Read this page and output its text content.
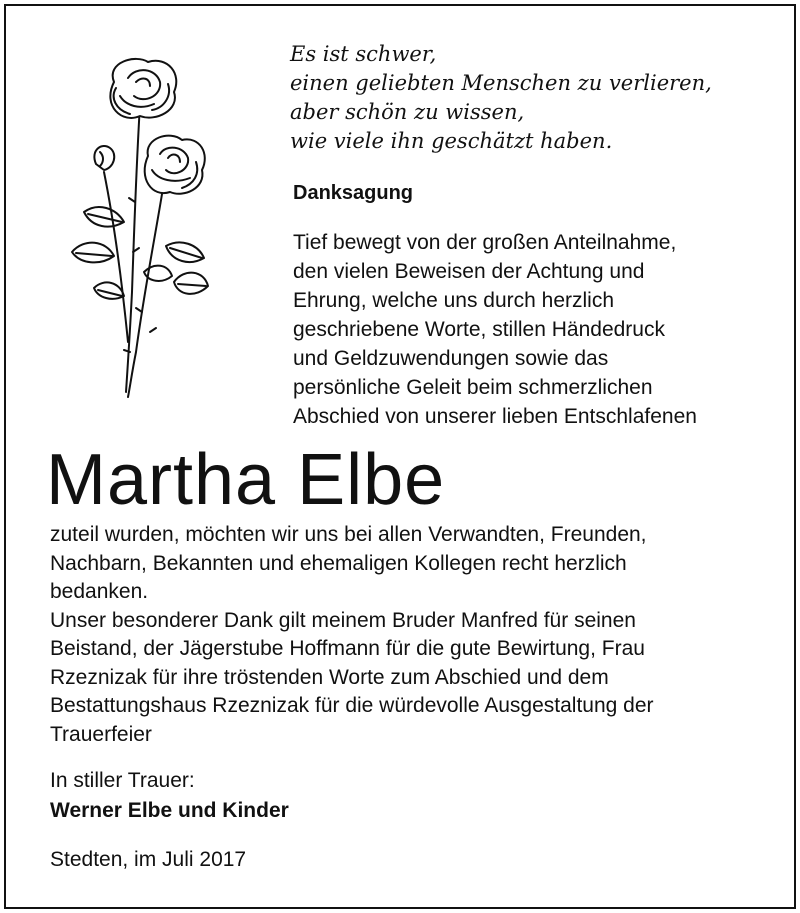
Es ist schwer,
einen geliebten Menschen zu verlieren,
aber schön zu wissen,
wie viele ihn geschätzt haben.
Danksagung
Tief bewegt von der großen Anteilnahme,
den vielen Beweisen der Achtung und
Ehrung, welche uns durch herzlich
geschriebene Worte, stillen Händedruck
und Geldzuwendungen sowie das
persönliche Geleit beim schmerzlichen
Abschied von unserer lieben Entschlafenen
Martha Elbe
zuteil wurden, möchten wir uns bei allen Verwandten, Freunden,
Nachbarn, Bekannten und ehemaligen Kollegen recht herzlich
bedanken.
Unser besonderer Dank gilt meinem Bruder Manfred für seinen
Beistand, der Jägerstube Hoffmann für die gute Bewirtung, Frau
Rzeznizak für ihre tröstenden Worte zum Abschied und dem
Bestattungshaus Rzeznizak für die würdevolle Ausgestaltung der
Trauerfeier
In stiller Trauer:
Werner Elbe und Kinder
Stedten, im Juli 2017
